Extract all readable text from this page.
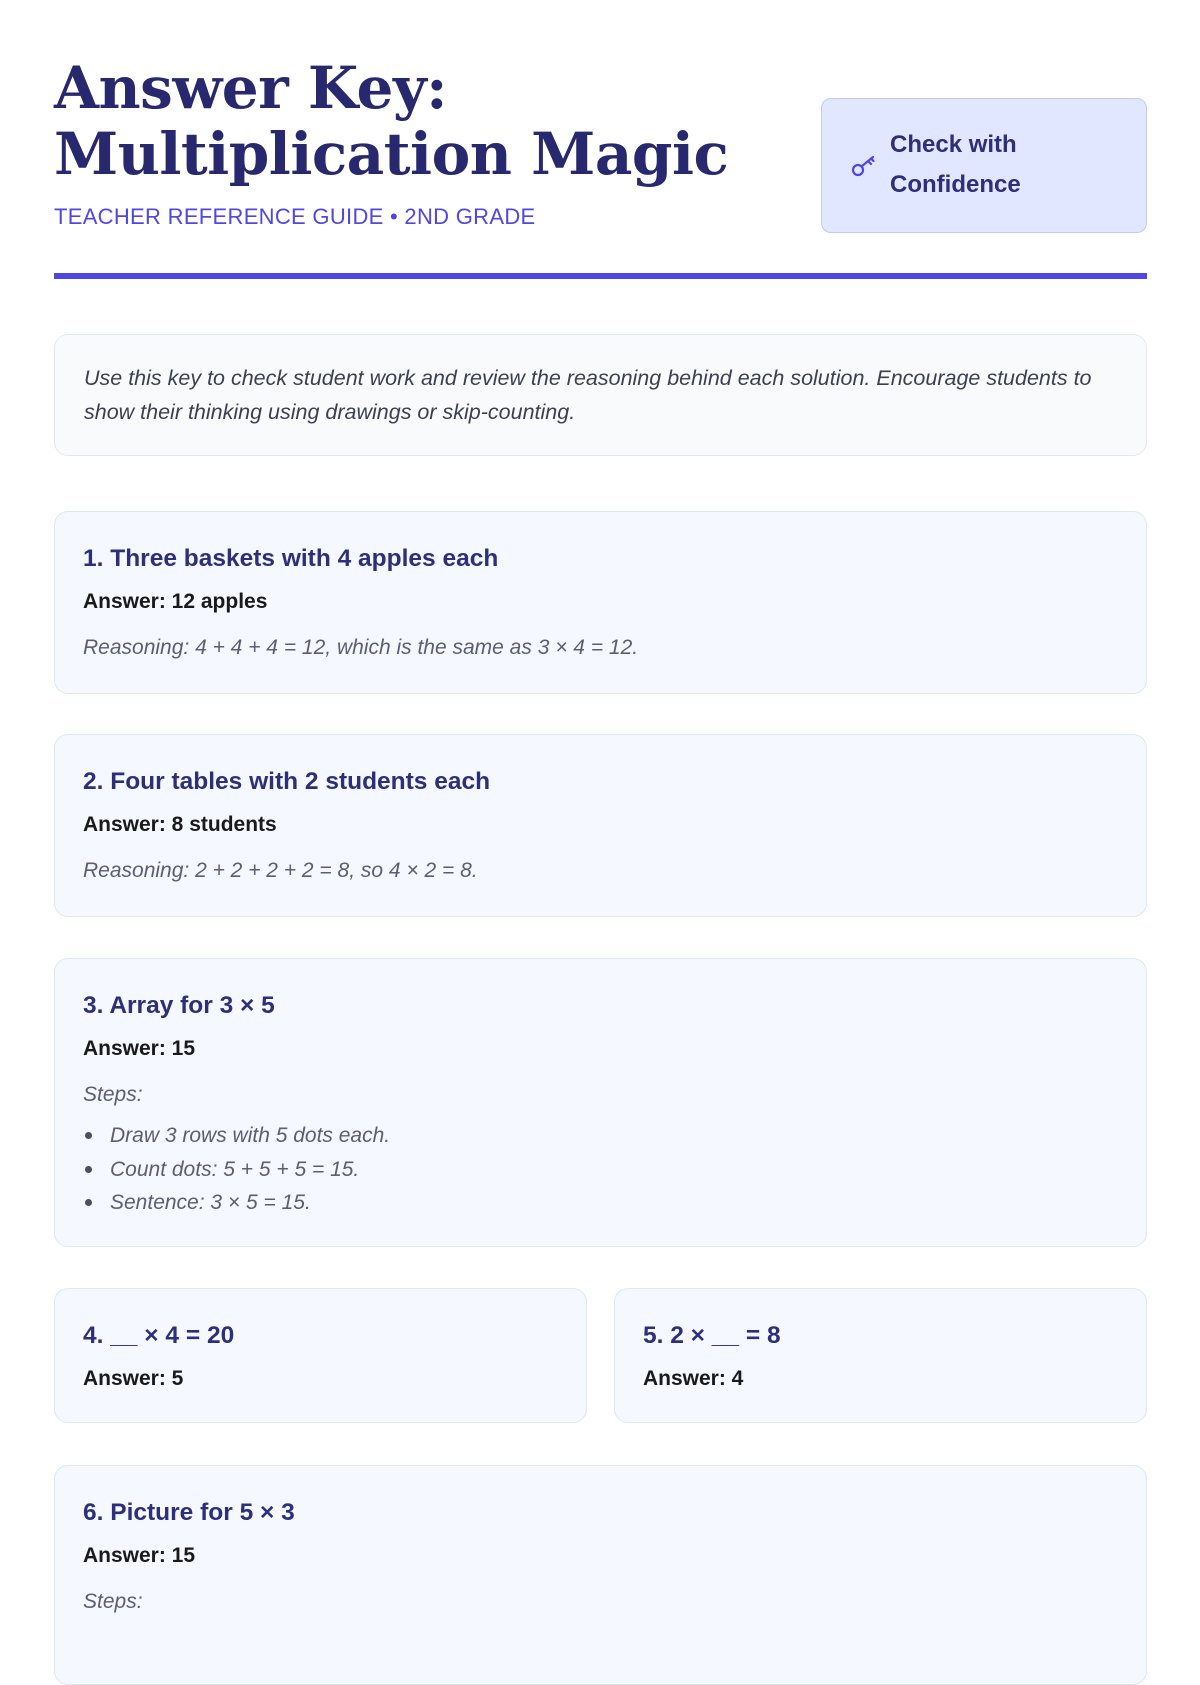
Answer Key: Multiplication Magic
TEACHER REFERENCE GUIDE • 2ND GRADE
Check with Confidence

Use this key to check student work and review the reasoning behind each solution. Encourage students to show their thinking using drawings or skip-counting.

1. Three baskets with 4 apples each
Answer: 12 apples
Reasoning: 4 + 4 + 4 = 12, which is the same as 3 × 4 = 12.
2. Four tables with 2 students each
Answer: 8 students
Reasoning: 2 + 2 + 2 + 2 = 8, so 4 × 2 = 8.
3. Array for 3 × 5
Answer: 15
Steps:
Draw 3 rows with 5 dots each.
Count dots: 5 + 5 + 5 = 15.
Sentence: 3 × 5 = 15.
4. __ × 4 = 20
Answer: 5
5. 2 × __ = 8
Answer: 4
6. Picture for 5 × 3
Answer: 15
Steps:
